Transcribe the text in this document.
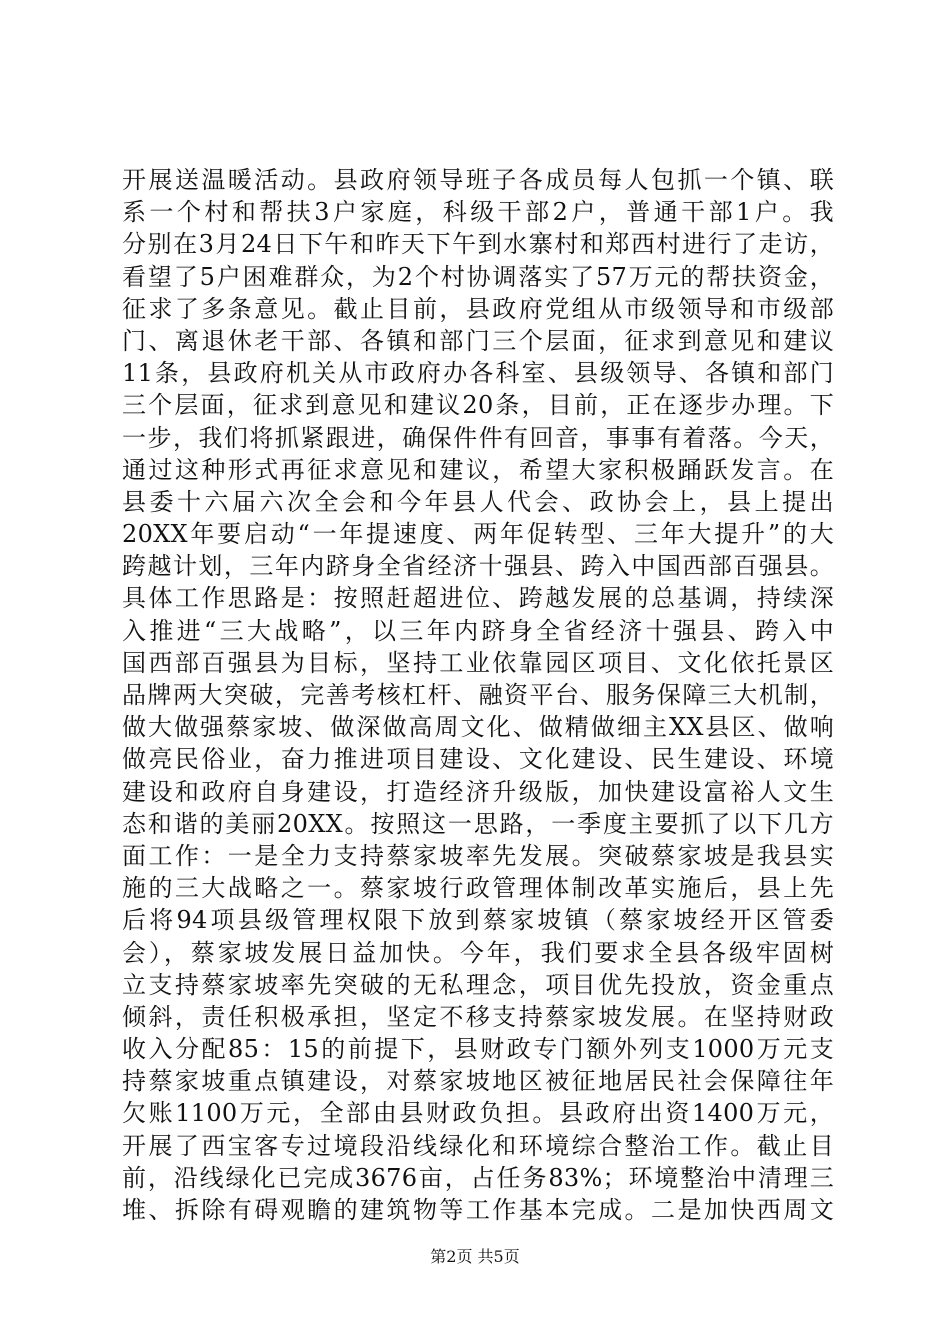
开展送温暖活动。县政府领导班子各成员每人包抓一个镇、联
系一个村和帮扶3户家庭，科级干部2户，普通干部1户。我
分别在3月24日下午和昨天下午到水寨村和郑西村进行了走访，
看望了5户困难群众，为2个村协调落实了57万元的帮扶资金，
征求了多条意见。截止目前，县政府党组从市级领导和市级部
门、离退休老干部、各镇和部门三个层面，征求到意见和建议
11条，县政府机关从市政府办各科室、县级领导、各镇和部门
三个层面，征求到意见和建议20条，目前，正在逐步办理。下
一步，我们将抓紧跟进，确保件件有回音，事事有着落。今天，
通过这种形式再征求意见和建议，希望大家积极踊跃发言。在
县委十六届六次全会和今年县人代会、政协会上，县上提出
20XX年要启动“一年提速度、两年促转型、三年大提升”的大
跨越计划，三年内跻身全省经济十强县、跨入中国西部百强县。
具体工作思路是：按照赶超进位、跨越发展的总基调，持续深
入推进“三大战略”，以三年内跻身全省经济十强县、跨入中
国西部百强县为目标，坚持工业依靠园区项目、文化依托景区
品牌两大突破，完善考核杠杆、融资平台、服务保障三大机制，
做大做强蔡家坡、做深做高周文化、做精做细主XX县区、做响
做亮民俗业，奋力推进项目建设、文化建设、民生建设、环境
建设和政府自身建设，打造经济升级版，加快建设富裕人文生
态和谐的美丽20XX。按照这一思路，一季度主要抓了以下几方
面工作：一是全力支持蔡家坡率先发展。突破蔡家坡是我县实
施的三大战略之一。蔡家坡行政管理体制改革实施后，县上先
后将94项县级管理权限下放到蔡家坡镇（蔡家坡经开区管委
会），蔡家坡发展日益加快。今年，我们要求全县各级牢固树
立支持蔡家坡率先突破的无私理念，项目优先投放，资金重点
倾斜，责任积极承担，坚定不移支持蔡家坡发展。在坚持财政
收入分配85：15的前提下，县财政专门额外列支1000万元支
持蔡家坡重点镇建设，对蔡家坡地区被征地居民社会保障往年
欠账1100万元，全部由县财政负担。县政府出资1400万元，
开展了西宝客专过境段沿线绿化和环境综合整治工作。截止目
前，沿线绿化已完成3676亩，占任务83%；环境整治中清理三
堆、拆除有碍观瞻的建筑物等工作基本完成。二是加快西周文
第2页 共5页
